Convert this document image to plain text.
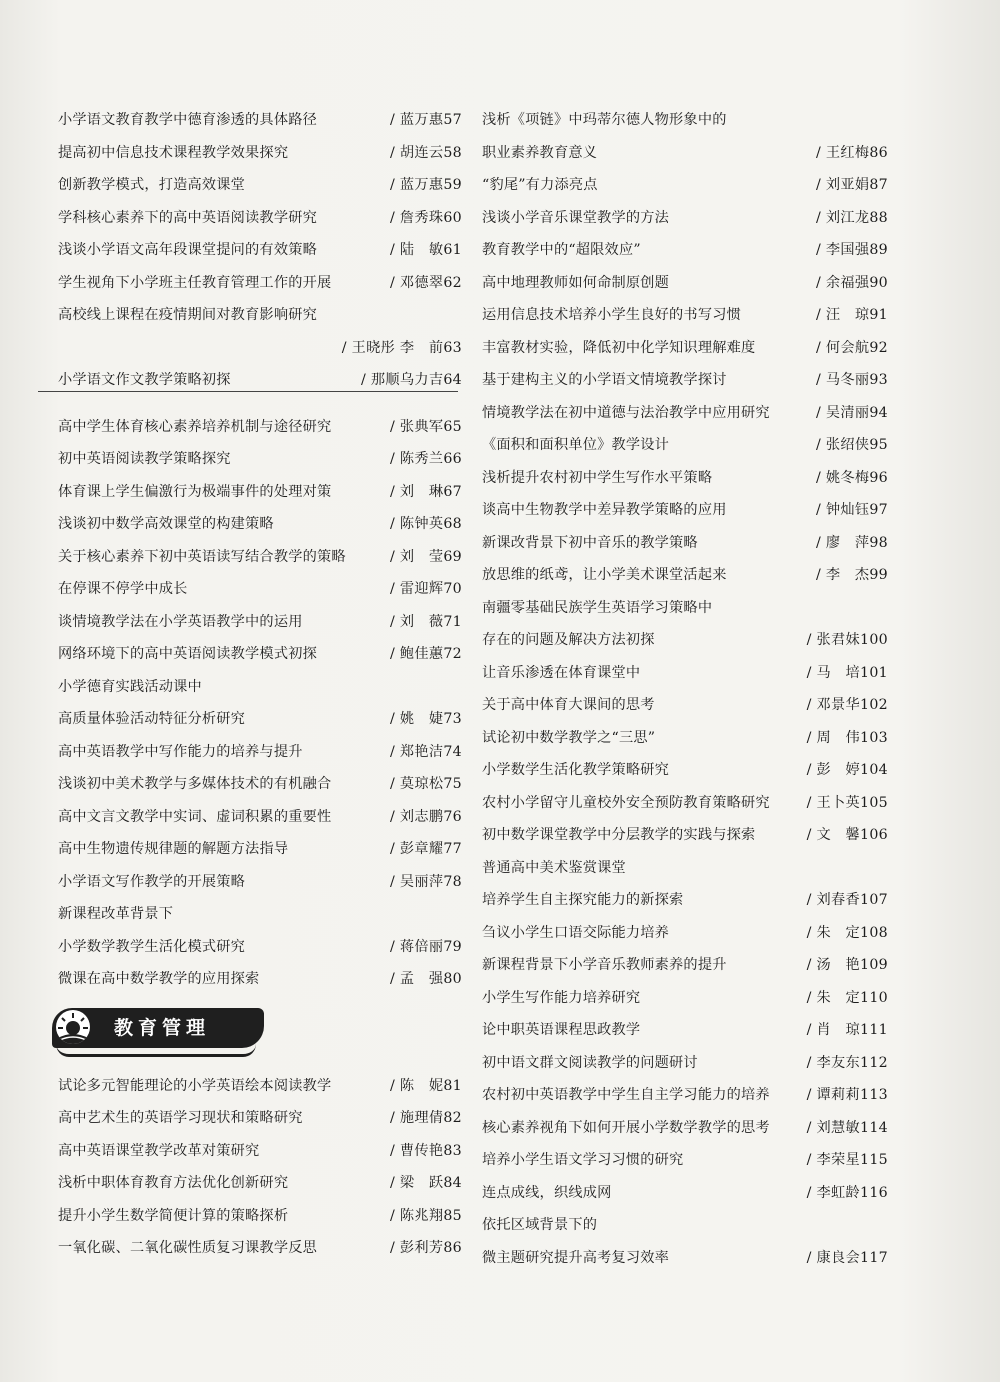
小学语文教育教学中德育渗透的具体路径	/ 蓝万惠57
提高初中信息技术课程教学效果探究	/ 胡连云58
创新教学模式，打造高效课堂	/ 蓝万惠59
学科核心素养下的高中英语阅读教学研究	/ 詹秀珠60
浅谈小学语文高年段课堂提问的有效策略	/ 陆　敏61
学生视角下小学班主任教育管理工作的开展	/ 邓德翠62
高校线上课程在疫情期间对教育影响研究
/ 王晓彤 李　前63
小学语文作文教学策略初探	/ 那顺乌力吉64
高中学生体育核心素养培养机制与途径研究	/ 张典军65
初中英语阅读教学策略探究	/ 陈秀兰66
体育课上学生偏激行为极端事件的处理对策	/ 刘　琳67
浅谈初中数学高效课堂的构建策略	/ 陈钟英68
关于核心素养下初中英语读写结合教学的策略	/ 刘　莹69
在停课不停学中成长	/ 雷迎辉70
谈情境教学法在小学英语教学中的运用	/ 刘　薇71
网络环境下的高中英语阅读教学模式初探	/ 鲍佳蕙72
小学德育实践活动课中
高质量体验活动特征分析研究	/ 姚　婕73
高中英语教学中写作能力的培养与提升	/ 郑艳洁74
浅谈初中美术教学与多媒体技术的有机融合	/ 莫琼松75
高中文言文教学中实词、虚词积累的重要性	/ 刘志鹏76
高中生物遗传规律题的解题方法指导	/ 彭章耀77
小学语文写作教学的开展策略	/ 吴丽萍78
新课程改革背景下
小学数学教学生活化模式研究	/ 蒋倍丽79
微课在高中数学教学的应用探索	/ 孟　强80
教育管理
试论多元智能理论的小学英语绘本阅读教学	/ 陈　妮81
高中艺术生的英语学习现状和策略研究	/ 施理倩82
高中英语课堂教学改革对策研究	/ 曹传艳83
浅析中职体育教育方法优化创新研究	/ 梁　跃84
提升小学生数学简便计算的策略探析	/ 陈兆翔85
一氧化碳、二氧化碳性质复习课教学反思	/ 彭利芳86
浅析《项链》中玛蒂尔德人物形象中的
职业素养教育意义	/ 王红梅86
“豹尾”有力添亮点	/ 刘亚娟87
浅谈小学音乐课堂教学的方法	/ 刘江龙88
教育教学中的“超限效应”	/ 李国强89
高中地理教师如何命制原创题	/ 余福强90
运用信息技术培养小学生良好的书写习惯	/ 汪　琼91
丰富教材实验，降低初中化学知识理解难度	/ 何会航92
基于建构主义的小学语文情境教学探讨	/ 马冬丽93
情境教学法在初中道德与法治教学中应用研究	/ 吴清丽94
《面积和面积单位》教学设计	/ 张绍侠95
浅析提升农村初中学生写作水平策略	/ 姚冬梅96
谈高中生物教学中差异教学策略的应用	/ 钟灿钰97
新课改背景下初中音乐的教学策略	/ 廖　萍98
放思维的纸鸢，让小学美术课堂活起来	/ 李　杰99
南疆零基础民族学生英语学习策略中
存在的问题及解决方法初探	/ 张君妹100
让音乐渗透在体育课堂中	/ 马　培101
关于高中体育大课间的思考	/ 邓景华102
试论初中数学教学之“三思”	/ 周　伟103
小学数学生活化教学策略研究	/ 彭　婷104
农村小学留守儿童校外安全预防教育策略研究	/ 王卜英105
初中数学课堂教学中分层教学的实践与探索	/ 文　馨106
普通高中美术鉴赏课堂
培养学生自主探究能力的新探索	/ 刘春香107
刍议小学生口语交际能力培养	/ 朱　定108
新课程背景下小学音乐教师素养的提升	/ 汤　艳109
小学生写作能力培养研究	/ 朱　定110
论中职英语课程思政教学	/ 肖　琼111
初中语文群文阅读教学的问题研讨	/ 李友东112
农村初中英语教学中学生自主学习能力的培养	/ 谭莉莉113
核心素养视角下如何开展小学数学教学的思考	/ 刘慧敏114
培养小学生语文学习习惯的研究	/ 李荣星115
连点成线，织线成网	/ 李虹龄116
依托区域背景下的
微主题研究提升高考复习效率	/ 康良会117
